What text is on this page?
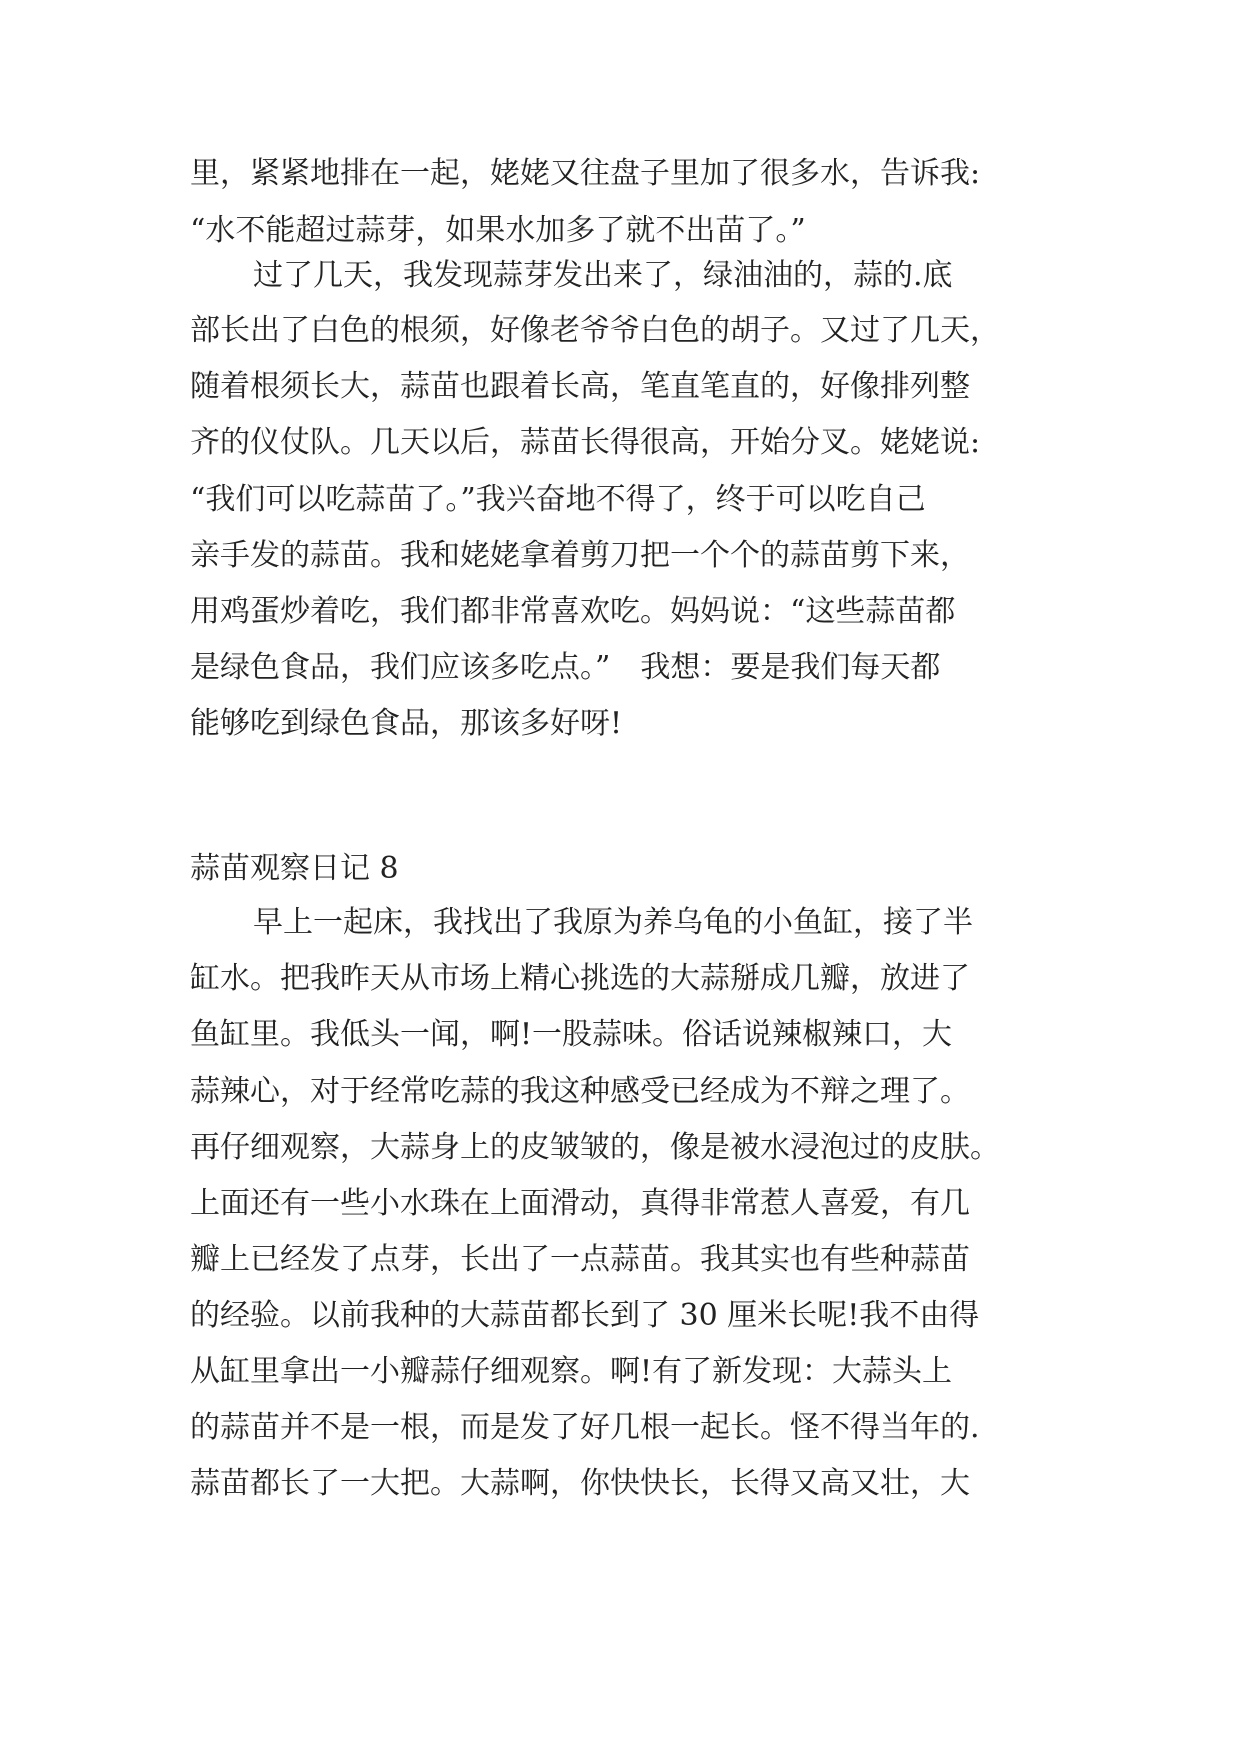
里，紧紧地排在一起，姥姥又往盘子里加了很多水，告诉我:
“水不能超过蒜芽，如果水加多了就不出苗了。”
过了几天，我发现蒜芽发出来了，绿油油的，蒜的.底
部长出了白色的根须，好像老爷爷白色的胡子。又过了几天，
随着根须长大，蒜苗也跟着长高，笔直笔直的，好像排列整
齐的仪仗队。几天以后，蒜苗长得很高，开始分叉。姥姥说:
“我们可以吃蒜苗了。”我兴奋地不得了，终于可以吃自己
亲手发的蒜苗。我和姥姥拿着剪刀把一个个的蒜苗剪下来，
用鸡蛋炒着吃，我们都非常喜欢吃。妈妈说：“这些蒜苗都
是绿色食品，我们应该多吃点。”　我想：要是我们每天都
能够吃到绿色食品，那该多好呀!
蒜苗观察日记 8
早上一起床，我找出了我原为养乌龟的小鱼缸，接了半
缸水。把我昨天从市场上精心挑选的大蒜掰成几瓣，放进了
鱼缸里。我低头一闻，啊!一股蒜味。俗话说辣椒辣口，大
蒜辣心，对于经常吃蒜的我这种感受已经成为不辩之理了。
再仔细观察，大蒜身上的皮皱皱的，像是被水浸泡过的皮肤。
上面还有一些小水珠在上面滑动，真得非常惹人喜爱，有几
瓣上已经发了点芽，长出了一点蒜苗。我其实也有些种蒜苗
的经验。以前我种的大蒜苗都长到了 30 厘米长呢!我不由得
从缸里拿出一小瓣蒜仔细观察。啊!有了新发现：大蒜头上
的蒜苗并不是一根，而是发了好几根一起长。怪不得当年的.
蒜苗都长了一大把。大蒜啊，你快快长，长得又高又壮，大
